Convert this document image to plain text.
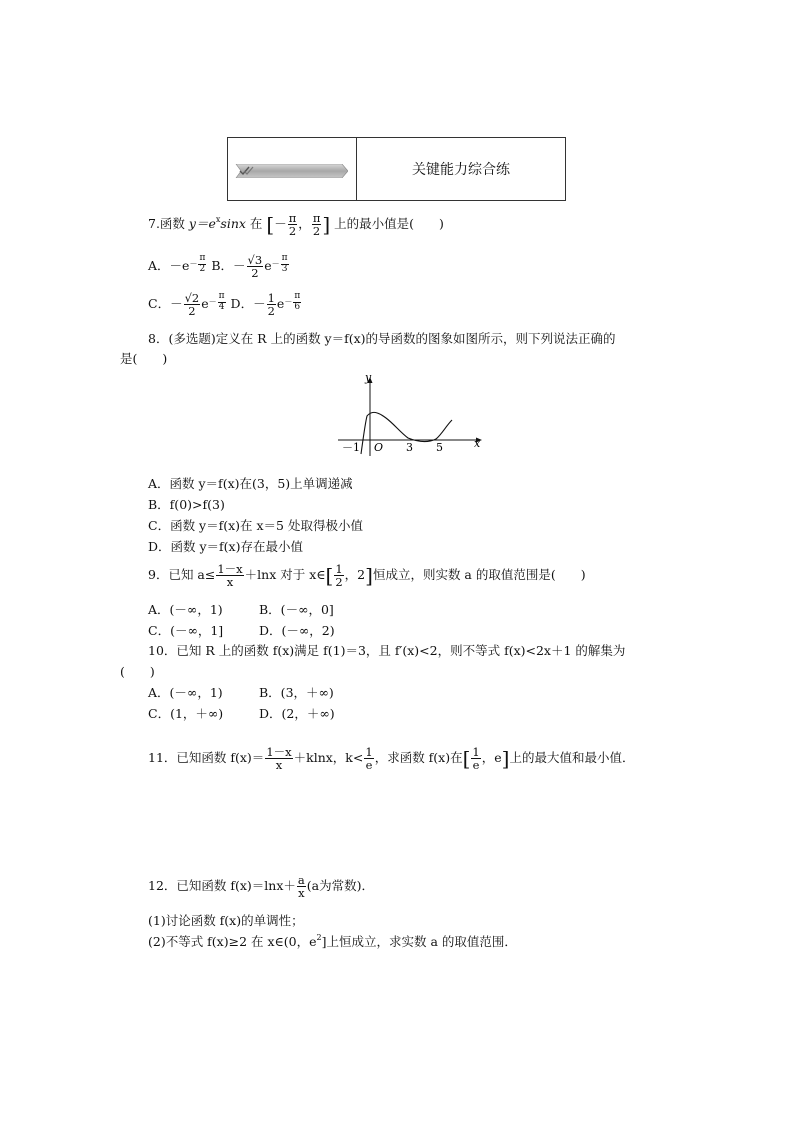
关键能力综合练
7.函数 $y=e^x\sin x$ 在 [－ $\frac{\pi}{2}$ ， $\frac{\pi}{2}$ ] 上的最小值是(　　)
A．$-e^{- \frac{\pi}{2}}$ B．－ $\frac{√3}{2} e^{- \frac{\pi}{3}}$
C．－ $\frac{√2}{2} e^{- \frac{\pi}{4}}$ D．－ $\frac{1}{2} e^{- \frac{\pi}{6}}$
8．(多选题)定义在 R 上的函数 y＝f(x)的导函数的图象如图所示，则下列说法正确的
是(　　)
y
x
O
－1	3 5
A．函数 y＝f(x)在(3，5)上单调递减
B．f(0)>f(3)
C．函数 y＝f(x)在 x＝5 处取得极小值
D．函数 y＝f(x)存在最小值
9．已知 $a\le \frac{1-x}{x} +\ln x$ 对于 x∈[ $\frac{1}{2}$ ，2]恒成立，则实数 a 的取值范围是(　　)
A．(－∞，1)	B．(－∞，0]
C．(－∞，1]	D．(－∞，2)
10．已知 R 上的函数 f(x)满足 f(1)＝3，且 f′(x)<2，则不等式 f(x)<2x＋1 的解集为
(　　)
A．(－∞，1)	B．(3，＋∞)
C．(1，＋∞)	D．(2，＋∞)
11．已知函数 $f(x)= \frac{1-x}{x} +klnx$，$k< \frac{1}{e}$ ，求函数 f(x)在[ $\frac{1}{e}$ ，e]上的最大值和最小值．
12．已知函数 $f(x)=\ln x+ \frac{a}{x} (a$为常数)．
(1)讨论函数 f(x)的单调性；
(2)不等式 f(x)≥2 在 x∈(0，$e^2$]上恒成立，求实数 a 的取值范围．
